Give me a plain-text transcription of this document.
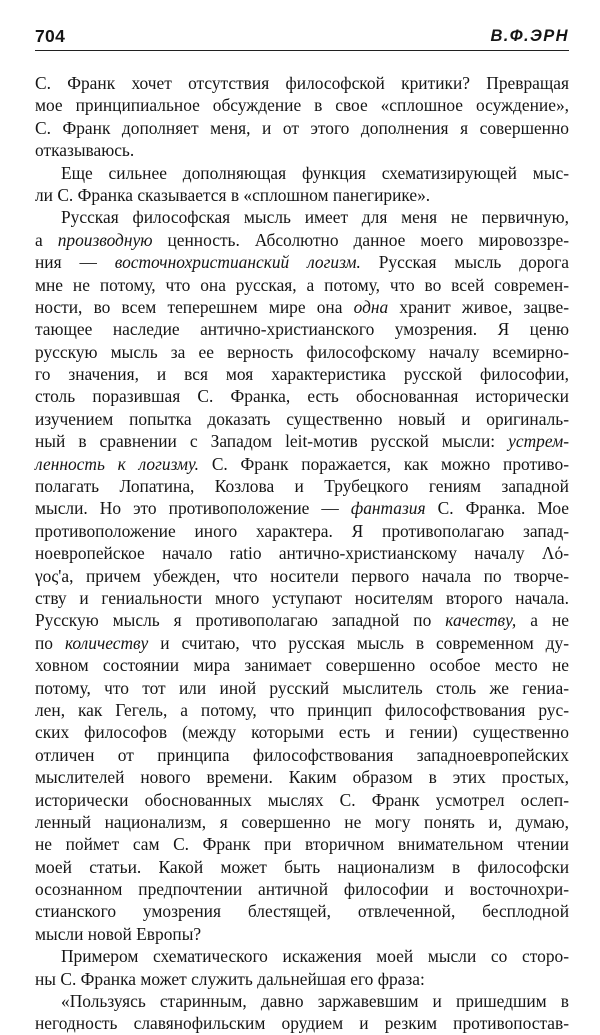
704	В.Ф.ЭРН
С. Франк хочет отсутствия философской критики? Превращая
мое принципиальное обсуждение в свое «сплошное осуждение»,
С. Франк дополняет меня, и от этого дополнения я совершенно
отказываюсь.
Еще сильнее дополняющая функция схематизирующей мыс-
ли С. Франка сказывается в «сплошном панегирике».
Русская философская мысль имеет для меня не первичную,
а производную ценность. Абсолютно данное моего мировоззре-
ния — восточнохристианский логизм. Русская мысль дорога
мне не потому, что она русская, а потому, что во всей современ-
ности, во всем теперешнем мире она одна хранит живое, зацве-
тающее наследие антично-христианского умозрения. Я ценю
русскую мысль за ее верность философскому началу всемирно-
го значения, и вся моя характеристика русской философии,
столь поразившая С. Франка, есть обоснованная исторически
изучением попытка доказать существенно новый и оригиналь-
ный в сравнении с Западом leit-мотив русской мысли: устрем-
ленность к логизму. С. Франк поражается, как можно противо-
полагать Лопатина, Козлова и Трубецкого гениям западной
мысли. Но это противоположение — фантазия С. Франка. Мое
противоположение иного характера. Я противополагаю запад-
ноевропейское начало ratio антично-христианскому началу Λό-
γος'а, причем убежден, что носители первого начала по творче-
ству и гениальности много уступают носителям второго начала.
Русскую мысль я противополагаю западной по качеству, а не
по количеству и считаю, что русская мысль в современном ду-
ховном состоянии мира занимает совершенно особое место не
потому, что тот или иной русский мыслитель столь же гениа-
лен, как Гегель, а потому, что принцип философствования рус-
ских философов (между которыми есть и гении) существенно
отличен от принципа философствования западноевропейских
мыслителей нового времени. Каким образом в этих простых,
исторически обоснованных мыслях С. Франк усмотрел ослеп-
ленный национализм, я совершенно не могу понять и, думаю,
не поймет сам С. Франк при вторичном внимательном чтении
моей статьи. Какой может быть национализм в философски
осознанном предпочтении античной философии и восточнохри-
стианского умозрения блестящей, отвлеченной, бесплодной
мысли новой Европы?
Примером схематического искажения моей мысли со сторо-
ны С. Франка может служить дальнейшая его фраза:
«Пользуясь старинным, давно заржавевшим и пришедшим в
негодность славянофильским орудием и резким противопостав-
